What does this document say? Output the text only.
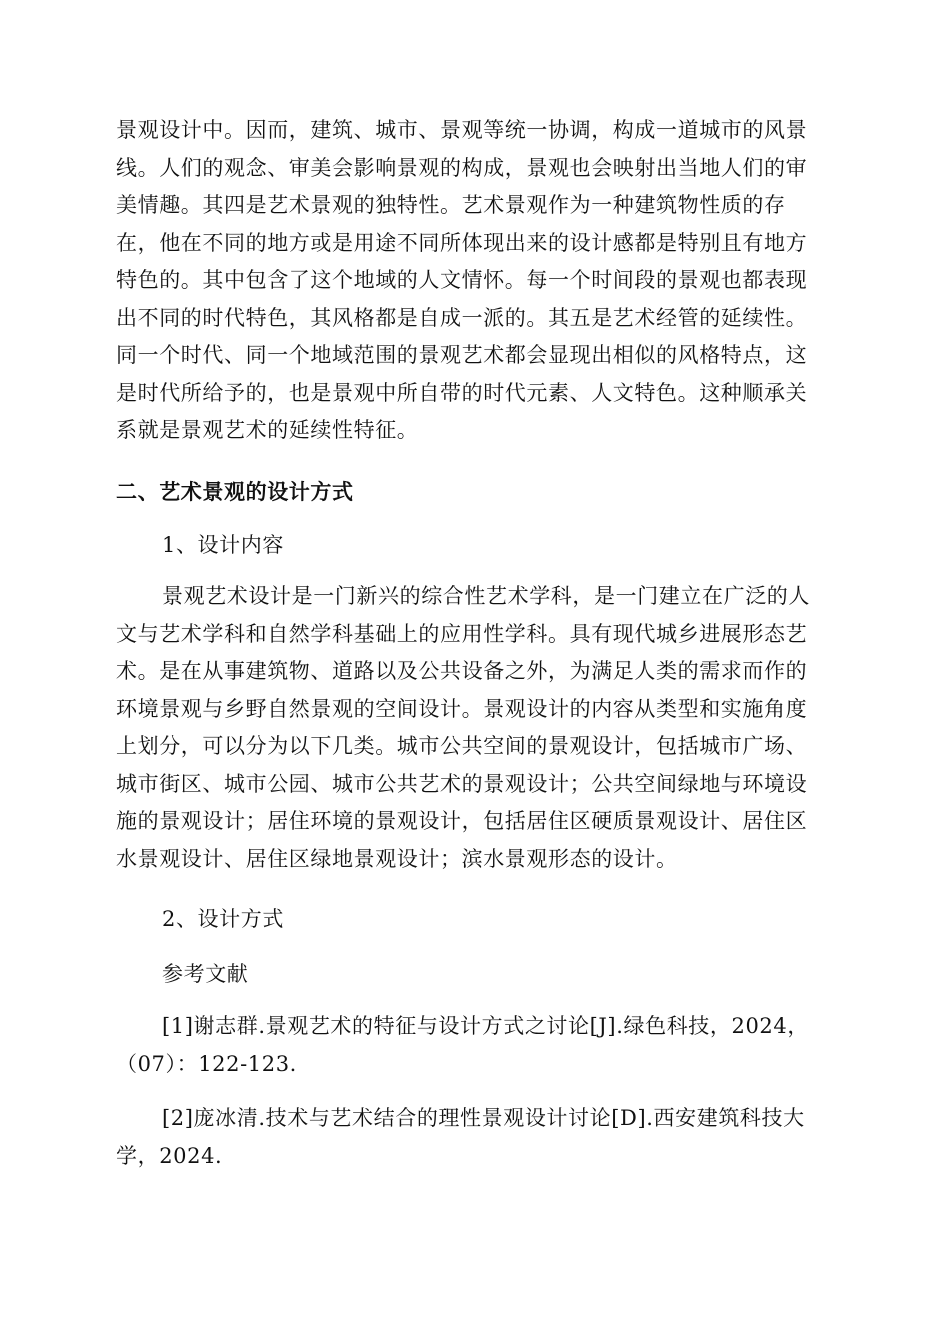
景观设计中。因而，建筑、城市、景观等统一协调，构成一道城市的风景
线。人们的观念、审美会影响景观的构成，景观也会映射出当地人们的审
美情趣。其四是艺术景观的独特性。艺术景观作为一种建筑物性质的存
在，他在不同的地方或是用途不同所体现出来的设计感都是特别且有地方
特色的。其中包含了这个地域的人文情怀。每一个时间段的景观也都表现
出不同的时代特色，其风格都是自成一派的。其五是艺术经管的延续性。
同一个时代、同一个地域范围的景观艺术都会显现出相似的风格特点，这
是时代所给予的，也是景观中所自带的时代元素、人文特色。这种顺承关
系就是景观艺术的延续性特征。
二、艺术景观的设计方式
1、设计内容
景观艺术设计是一门新兴的综合性艺术学科，是一门建立在广泛的人
文与艺术学科和自然学科基础上的应用性学科。具有现代城乡进展形态艺
术。是在从事建筑物、道路以及公共设备之外，为满足人类的需求而作的
环境景观与乡野自然景观的空间设计。景观设计的内容从类型和实施角度
上划分，可以分为以下几类。城市公共空间的景观设计，包括城市广场、
城市街区、城市公园、城市公共艺术的景观设计；公共空间绿地与环境设
施的景观设计；居住环境的景观设计，包括居住区硬质景观设计、居住区
水景观设计、居住区绿地景观设计；滨水景观形态的设计。
2、设计方式
参考文献
[1]谢志群.景观艺术的特征与设计方式之讨论[J].绿色科技，2024，
（07）：122-123.
[2]庞冰清.技术与艺术结合的理性景观设计讨论[D].西安建筑科技大
学，2024.
